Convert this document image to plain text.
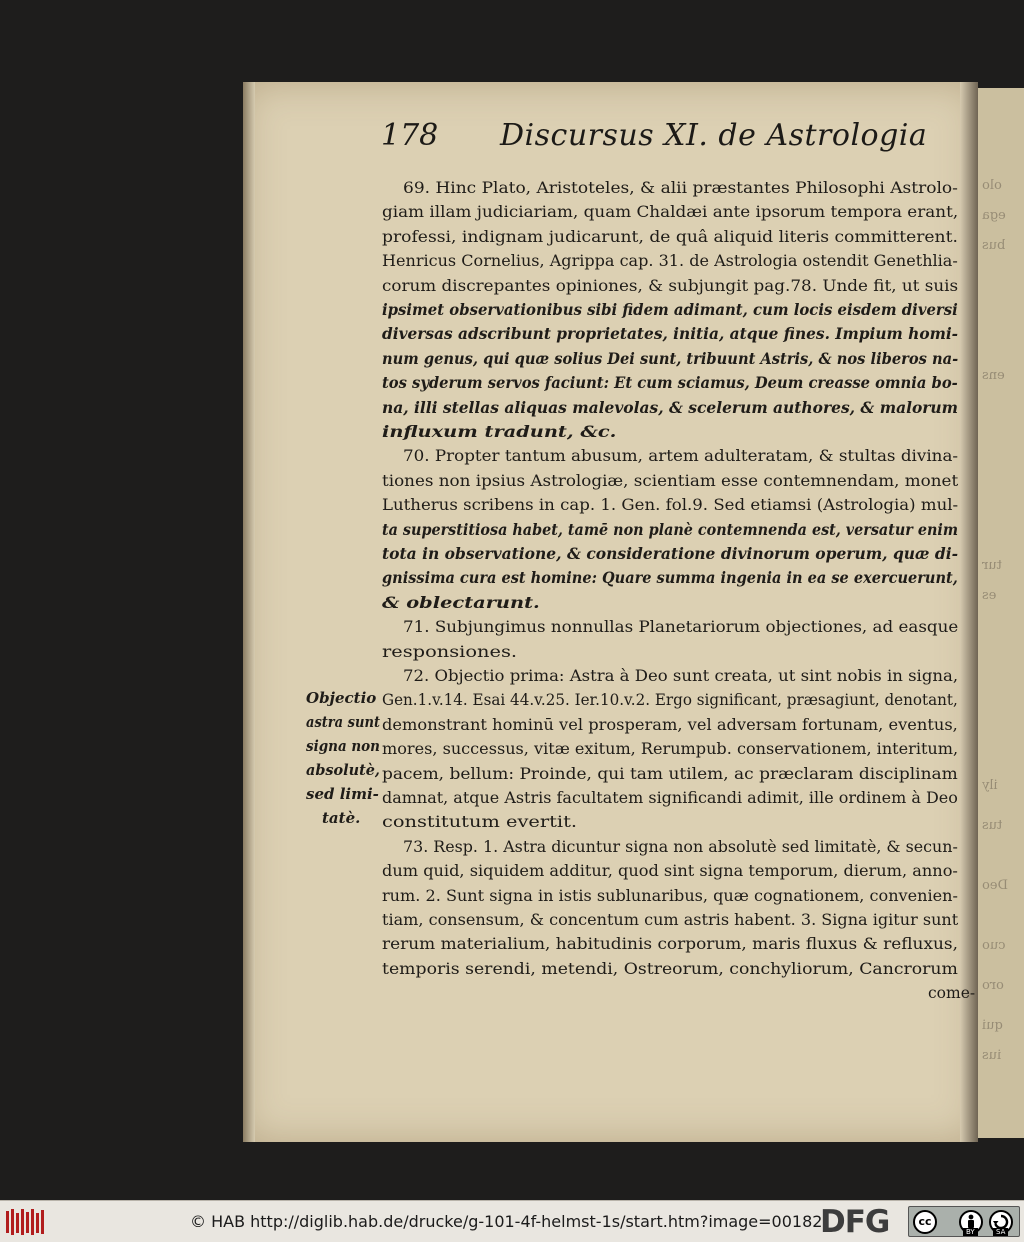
olo
ega
bus
ens
tur
es
ily
tus
Deo
cuo
oro
qui
ius
178 Discursus XI. de Astrologia

69. Hinc Plato, Aristoteles, & alii præstantes Philosophi Astrolo-

giam illam judiciariam, quam Chaldæi ante ipsorum tempora erant,

professi, indignam judicarunt, de quâ aliquid literis committerent.

Henricus Cornelius, Agrippa cap. 31. de Astrologia ostendit Genethlia-

corum discrepantes opiniones, & subjungit pag.78. Unde fit, ut suis

ipsimet observationibus sibi fidem adimant, cum locis eisdem diversi

diversas adscribunt proprietates, initia, atque fines. Impium homi-

num genus, qui quæ solius Dei sunt, tribuunt Astris, & nos liberos na-

tos syderum servos faciunt: Et cum sciamus, Deum creasse omnia bo-

na, illi stellas aliquas malevolas, & scelerum authores, & malorum

influxum tradunt, &c.

70. Propter tantum abusum, artem adulteratam, & stultas divina-

tiones non ipsius Astrologiæ, scientiam esse contemnendam, monet

Lutherus scribens in cap. 1. Gen. fol.9. Sed etiamsi (Astrologia) mul-

ta superstitiosa habet, tamē non planè contemnenda est, versatur enim

tota in observatione, & consideratione divinorum operum, quæ di-

gnissima cura est homine: Quare summa ingenia in ea se exercuerunt,

& oblectarunt.

71. Subjungimus nonnullas Planetariorum objectiones, ad easque

responsiones.

72. Objectio prima: Astra à Deo sunt creata, ut sint nobis in signa,

Gen.1.v.14. Esai 44.v.25. Ier.10.v.2. Ergo significant, præsagiunt, denotant,

demonstrant hominū vel prosperam, vel adversam fortunam, eventus,

mores, successus, vitæ exitum, Rerumpub. conservationem, interitum,

pacem, bellum: Proinde, qui tam utilem, ac præclaram disciplinam

damnat, atque Astris facultatem significandi adimit, ille ordinem à Deo

constitutum evertit.

73. Resp. 1. Astra dicuntur signa non absolutè sed limitatè, & secun-

dum quid, siquidem additur, quod sint signa temporum, dierum, anno-

rum. 2. Sunt signa in istis sublunaribus, quæ cognationem, convenien-

tiam, consensum, & concentum cum astris habent. 3. Signa igitur sunt

rerum materialium, habitudinis corporum, maris fluxus & refluxus,

temporis serendi, metendi, Ostreorum, conchyliorum, Cancrorum

come-

Objectio

astra sunt

signa non

absolutè,

sed limi-

tatè.

© HAB http://diglib.hab.de/drucke/g-101-4f-helmst-1s/start.htm?image=00182
DFG	cc
BY	SA
